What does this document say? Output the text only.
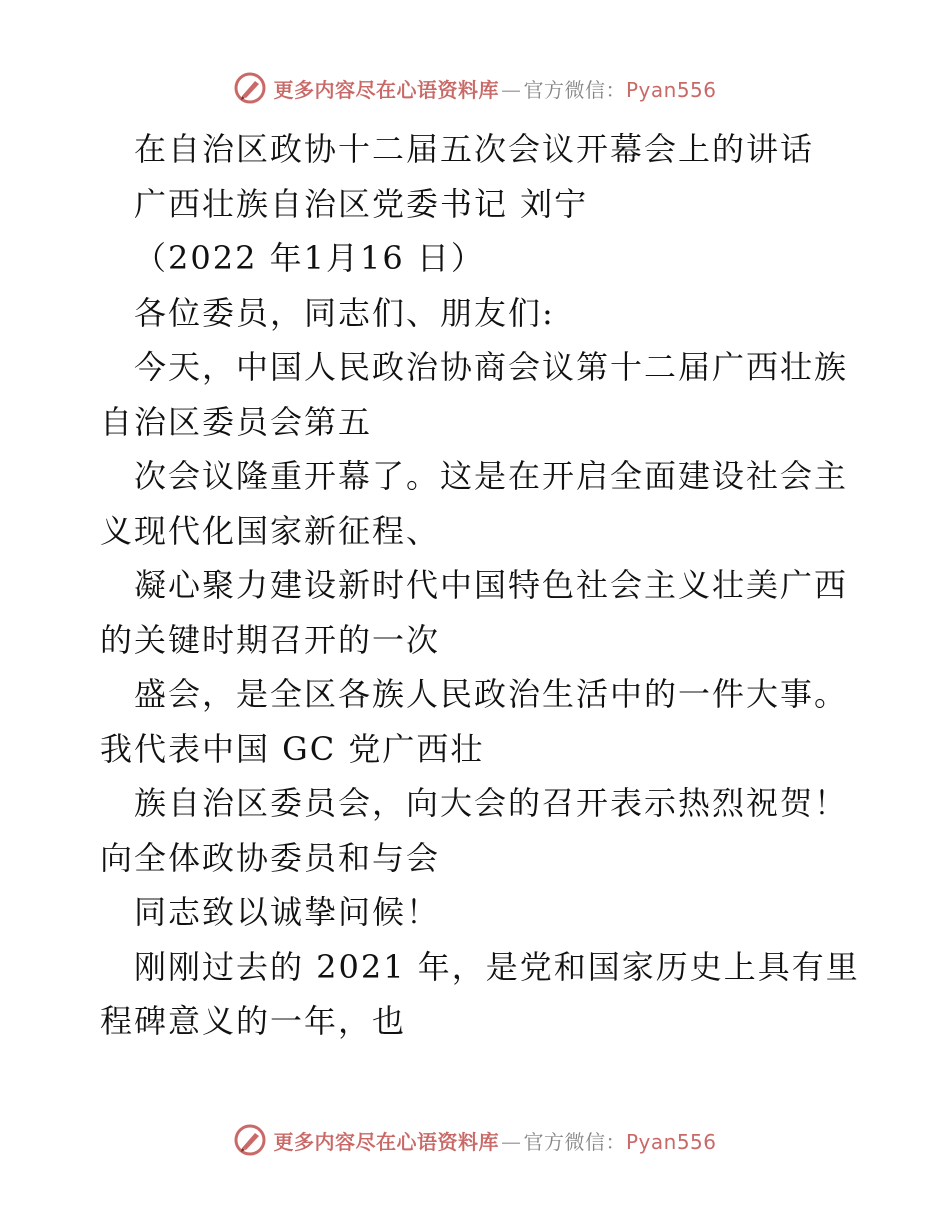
更多内容尽在心语资料库 — 官方微信：Pyan556
在自治区政协十二届五次会议开幕会上的讲话
广西壮族自治区党委书记 刘宁
（2022 年1月16 日）
各位委员，同志们、朋友们:
今天，中国人民政治协商会议第十二届广西壮族
自治区委员会第五
次会议隆重开幕了。这是在开启全面建设社会主
义现代化国家新征程、
凝心聚力建设新时代中国特色社会主义壮美广西
的关键时期召开的一次
盛会，是全区各族人民政治生活中的一件大事。
我代表中国 GC 党广西壮
族自治区委员会，向大会的召开表示热烈祝贺！
向全体政协委员和与会
同志致以诚挚问候！
刚刚过去的 2021 年，是党和国家历史上具有里
程碑意义的一年，也
更多内容尽在心语资料库 — 官方微信：Pyan556
